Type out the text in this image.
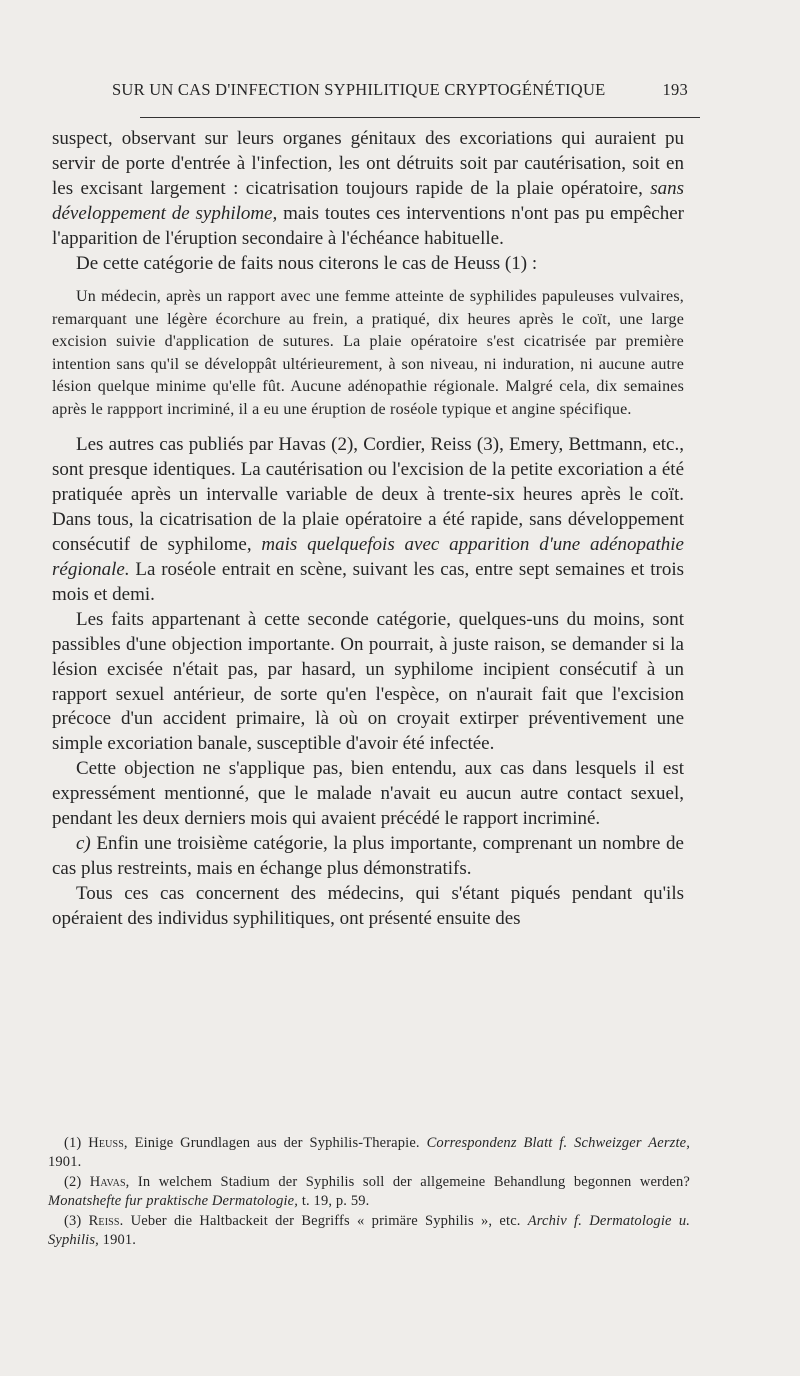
SUR UN CAS D'INFECTION SYPHILITIQUE CRYPTOGÉNÉTIQUE	193

suspect, observant sur leurs organes génitaux des excoriations qui auraient pu servir de porte d'entrée à l'infection, les ont détruits soit par cautérisation, soit en les excisant largement : cicatrisation toujours rapide de la plaie opératoire, sans développement de syphilome, mais toutes ces interventions n'ont pas pu empêcher l'apparition de l'éruption secondaire à l'échéance habituelle.

De cette catégorie de faits nous citerons le cas de Heuss (1) :

Un médecin, après un rapport avec une femme atteinte de syphilides papuleuses vulvaires, remarquant une légère écorchure au frein, a pratiqué, dix heures après le coït, une large excision suivie d'application de sutures. La plaie opératoire s'est cicatrisée par première intention sans qu'il se développât ultérieurement, à son niveau, ni induration, ni aucune autre lésion quelque minime qu'elle fût. Aucune adénopathie régionale. Malgré cela, dix semaines après le rappport incriminé, il a eu une éruption de roséole typique et angine spécifique.

Les autres cas publiés par Havas (2), Cordier, Reiss (3), Emery, Bettmann, etc., sont presque identiques. La cautérisation ou l'excision de la petite excoriation a été pratiquée après un intervalle variable de deux à trente-six heures après le coït. Dans tous, la cicatrisation de la plaie opératoire a été rapide, sans développement consécutif de syphilome, mais quelquefois avec apparition d'une adénopathie régionale. La roséole entrait en scène, suivant les cas, entre sept semaines et trois mois et demi.

Les faits appartenant à cette seconde catégorie, quelques-uns du moins, sont passibles d'une objection importante. On pourrait, à juste raison, se demander si la lésion excisée n'était pas, par hasard, un syphilome incipient consécutif à un rapport sexuel antérieur, de sorte qu'en l'espèce, on n'aurait fait que l'excision précoce d'un accident primaire, là où on croyait extirper préventivement une simple excoriation banale, susceptible d'avoir été infectée.

Cette objection ne s'applique pas, bien entendu, aux cas dans lesquels il est expressément mentionné, que le malade n'avait eu aucun autre contact sexuel, pendant les deux derniers mois qui avaient précédé le rapport incriminé.

c) Enfin une troisième catégorie, la plus importante, comprenant un nombre de cas plus restreints, mais en échange plus démonstratifs.

Tous ces cas concernent des médecins, qui s'étant piqués pendant qu'ils opéraient des individus syphilitiques, ont présenté ensuite des

(1) Heuss, Einige Grundlagen aus der Syphilis-Therapie. Correspondenz Blatt f. Schweizger Aerzte, 1901.

(2) Havas, In welchem Stadium der Syphilis soll der allgemeine Behandlung begonnen werden? Monatshefte fur praktische Dermatologie, t. 19, p. 59.

(3) Reiss. Ueber die Haltbackeit der Begriffs « primäre Syphilis », etc. Archiv f. Dermatologie u. Syphilis, 1901.
